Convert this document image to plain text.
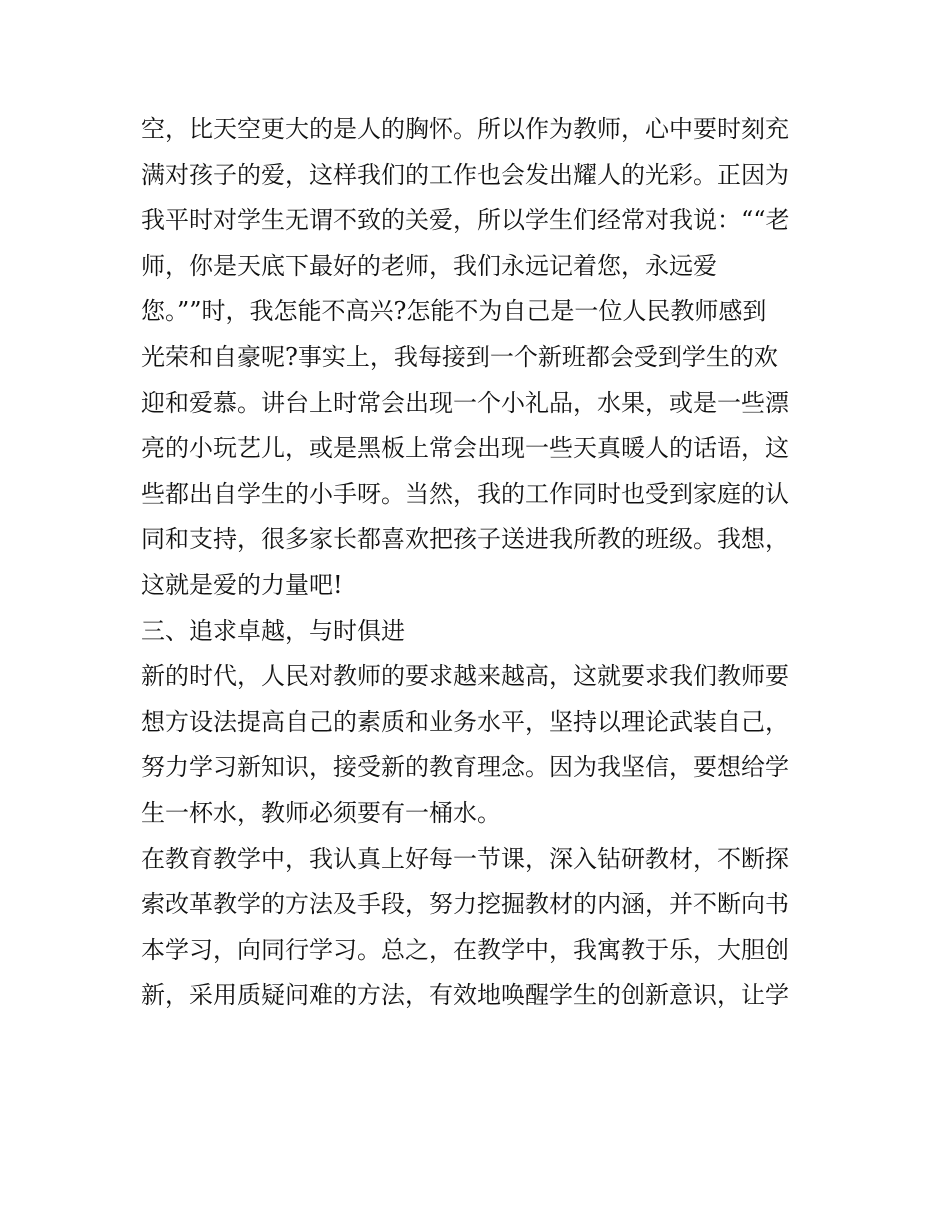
空，比天空更大的是人的胸怀。所以作为教师，心中要时刻充
满对孩子的爱，这样我们的工作也会发出耀人的光彩。正因为
我平时对学生无谓不致的关爱，所以学生们经常对我说：““老
师，你是天底下最好的老师，我们永远记着您，永远爱
您。””时，我怎能不高兴?怎能不为自己是一位人民教师感到
光荣和自豪呢?事实上，我每接到一个新班都会受到学生的欢
迎和爱慕。讲台上时常会出现一个小礼品，水果，或是一些漂
亮的小玩艺儿，或是黑板上常会出现一些天真暖人的话语，这
些都出自学生的小手呀。当然，我的工作同时也受到家庭的认
同和支持，很多家长都喜欢把孩子送进我所教的班级。我想，
这就是爱的力量吧!
三、追求卓越，与时俱进
新的时代，人民对教师的要求越来越高，这就要求我们教师要
想方设法提高自己的素质和业务水平，坚持以理论武装自己，
努力学习新知识，接受新的教育理念。因为我坚信，要想给学
生一杯水，教师必须要有一桶水。
在教育教学中，我认真上好每一节课，深入钻研教材，不断探
索改革教学的方法及手段，努力挖掘教材的内涵，并不断向书
本学习，向同行学习。总之，在教学中，我寓教于乐，大胆创
新，采用质疑问难的方法，有效地唤醒学生的创新意识，让学
